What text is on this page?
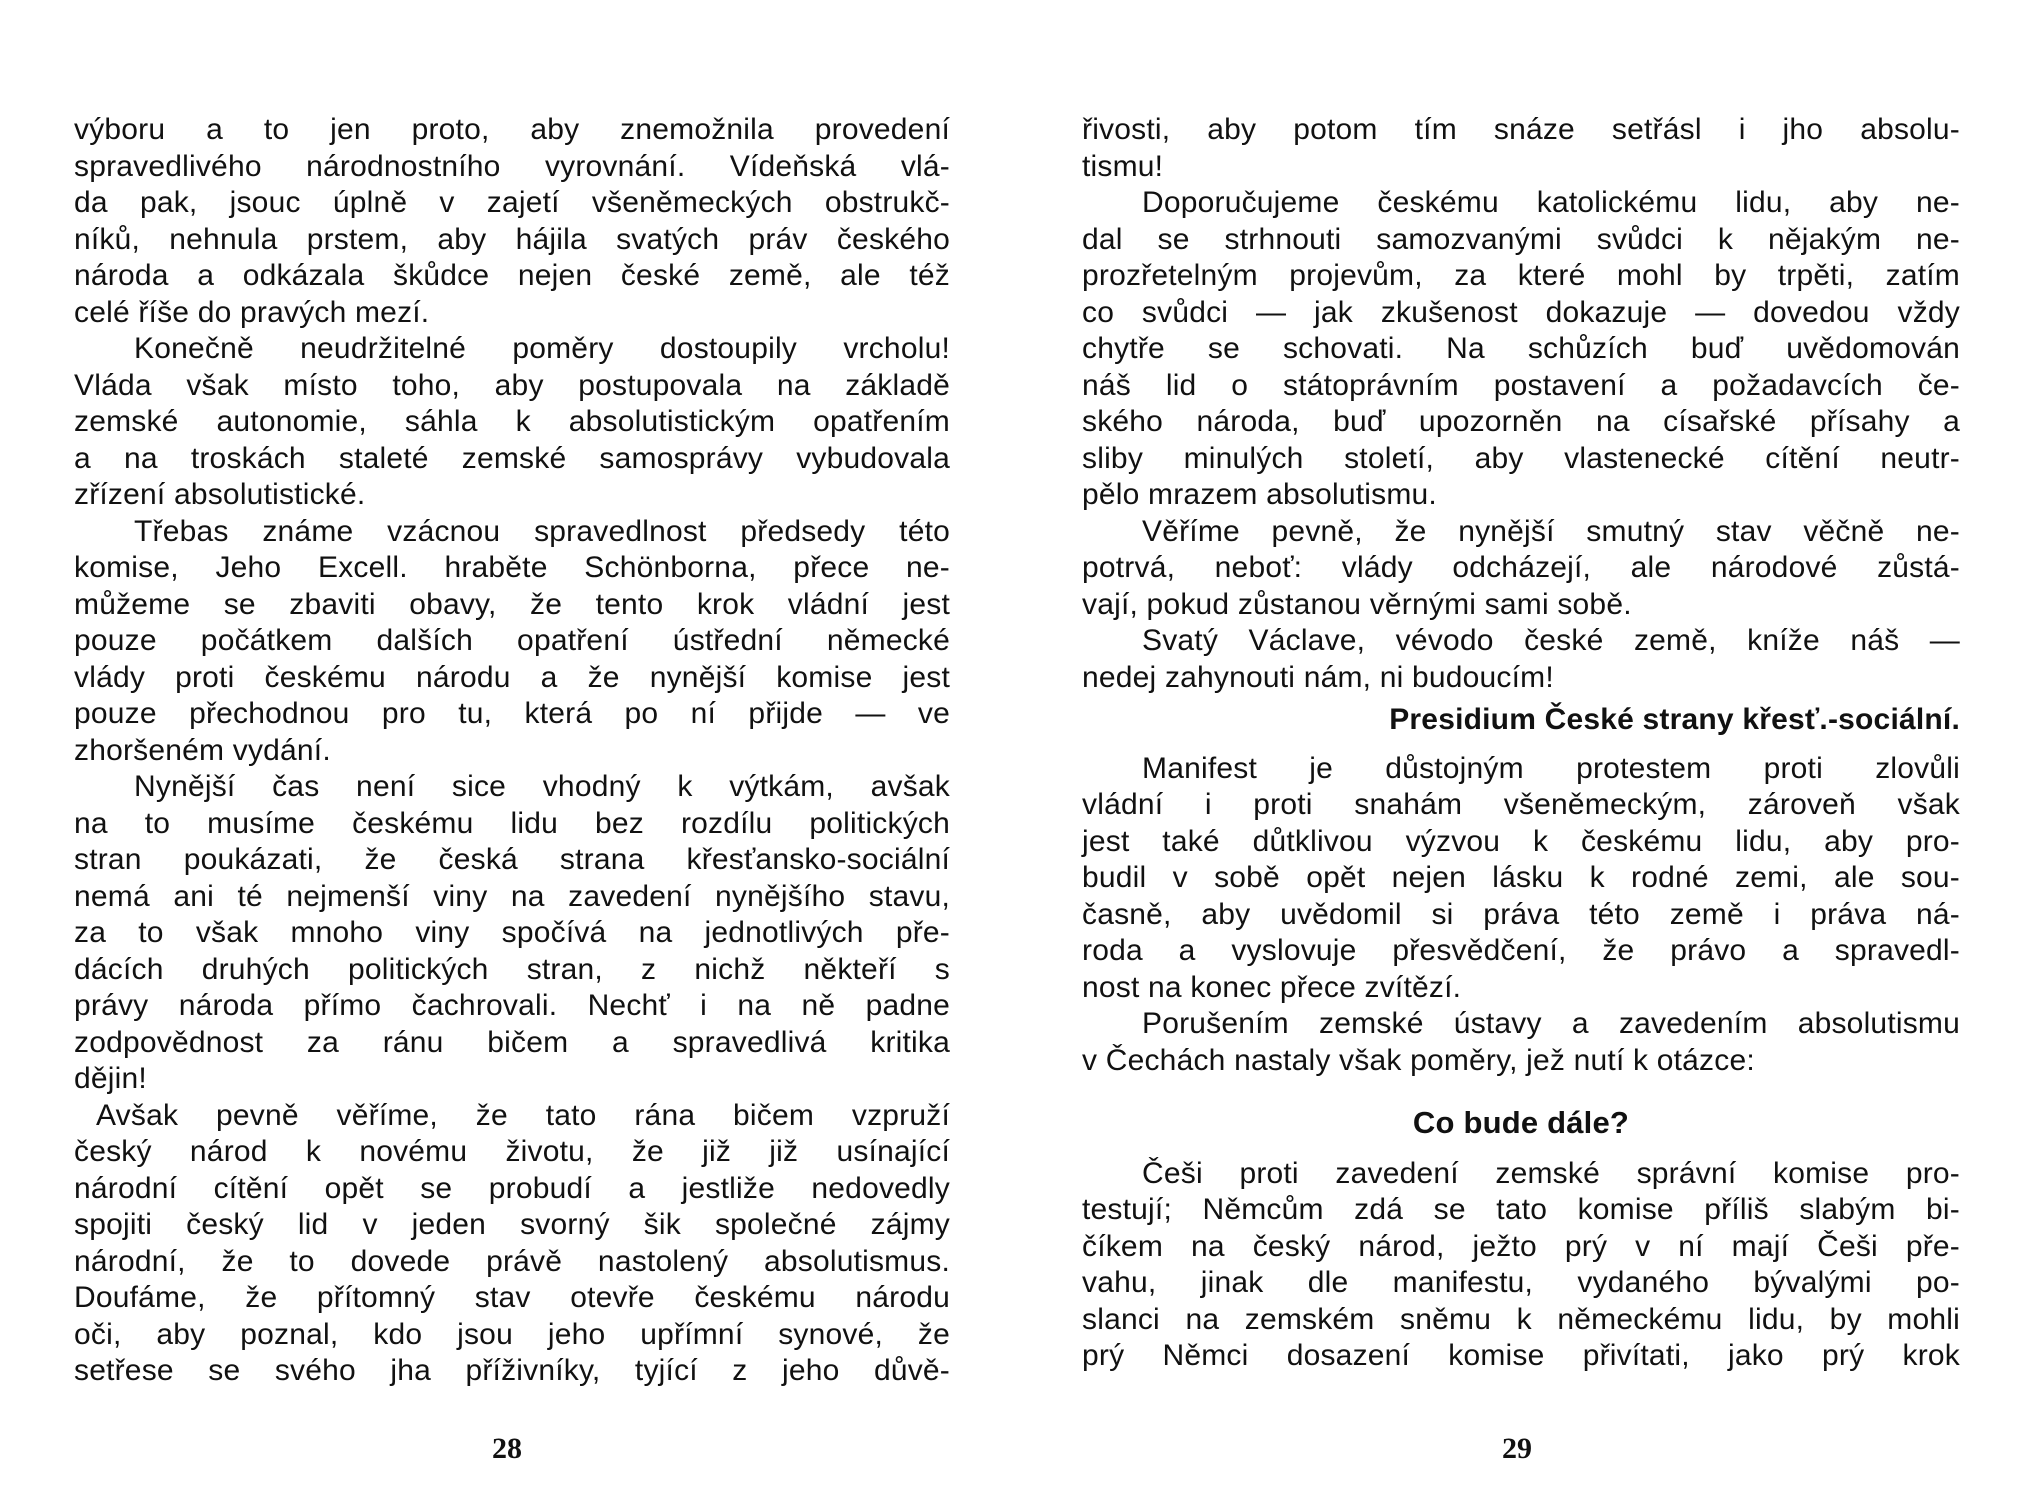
28
výboru a to jen proto, aby znemožnila provedení
spravedlivého národnostního vyrovnání. Vídeňská vlá-
da pak, jsouc úplně v zajetí všeněmeckých obstrukč-
níků, nehnula prstem, aby hájila svatých práv českého
národa a odkázala škůdce nejen české země, ale též
celé říše do pravých mezí.
Konečně neudržitelné poměry dostoupily vrcholu!
Vláda však místo toho, aby postupovala na základě
zemské autonomie, sáhla k absolutistickým opatřením
a na troskách staleté zemské samosprávy vybudovala
zřízení absolutistické.
Třebas známe vzácnou spravedlnost předsedy této
komise, Jeho Excell. hraběte Schönborna, přece ne-
můžeme se zbaviti obavy, že tento krok vládní jest
pouze počátkem dalších opatření ústřední německé
vlády proti českému národu a že nynější komise jest
pouze přechodnou pro tu, která po ní přijde — ve
zhoršeném vydání.
Nynější čas není sice vhodný k výtkám, avšak
na to musíme českému lidu bez rozdílu politických
stran poukázati, že česká strana křesťansko-sociální
nemá ani té nejmenší viny na zavedení nynějšího stavu,
za to však mnoho viny spočívá na jednotlivých pře-
dácích druhých politických stran, z nichž někteří s
právy národa přímo čachrovali. Nechť i na ně padne
zodpovědnost za ránu bičem a spravedlivá kritika
dějin!
Avšak pevně věříme, že tato rána bičem vzpruží
český národ k novému životu, že již již usínající
národní cítění opět se probudí a jestliže nedovedly
spojiti český lid v jeden svorný šik společné zájmy
národní, že to dovede právě nastolený absolutismus.
Doufáme, že přítomný stav otevře českému národu
oči, aby poznal, kdo jsou jeho upřímní synové, že
setřese se svého jha příživníky, tyjící z jeho důvě-
29
řivosti, aby potom tím snáze setřásl i jho absolu-
tismu!
Doporučujeme českému katolickému lidu, aby ne-
dal se strhnouti samozvanými svůdci k nějakým ne-
prozřetelným projevům, za které mohl by trpěti, zatím
co svůdci — jak zkušenost dokazuje — dovedou vždy
chytře se schovati. Na schůzích buď uvědomován
náš lid o státoprávním postavení a požadavcích če-
ského národa, buď upozorněn na císařské přísahy a
sliby minulých století, aby vlastenecké cítění neutr-
pělo mrazem absolutismu.
Věříme pevně, že nynější smutný stav věčně ne-
potrvá, neboť: vlády odcházejí, ale národové zůstá-
vají, pokud zůstanou věrnými sami sobě.
Svatý Václave, vévodo české země, kníže náš —
nedej zahynouti nám, ni budoucím!
Presidium České strany křesť.-sociální.
Manifest je důstojným protestem proti zlovůli
vládní i proti snahám všeněmeckým, zároveň však
jest také důtklivou výzvou k českému lidu, aby pro-
budil v sobě opět nejen lásku k rodné zemi, ale sou-
časně, aby uvědomil si práva této země i práva ná-
roda a vyslovuje přesvědčení, že právo a spravedl-
nost na konec přece zvítězí.
Porušením zemské ústavy a zavedením absolutismu
v Čechách nastaly však poměry, jež nutí k otázce:
Co bude dále?
Češi proti zavedení zemské správní komise pro-
testují; Němcům zdá se tato komise příliš slabým bi-
číkem na český národ, ježto prý v ní mají Češi pře-
vahu, jinak dle manifestu, vydaného bývalými po-
slanci na zemském sněmu k německému lidu, by mohli
prý Němci dosazení komise přivítati, jako prý krok
